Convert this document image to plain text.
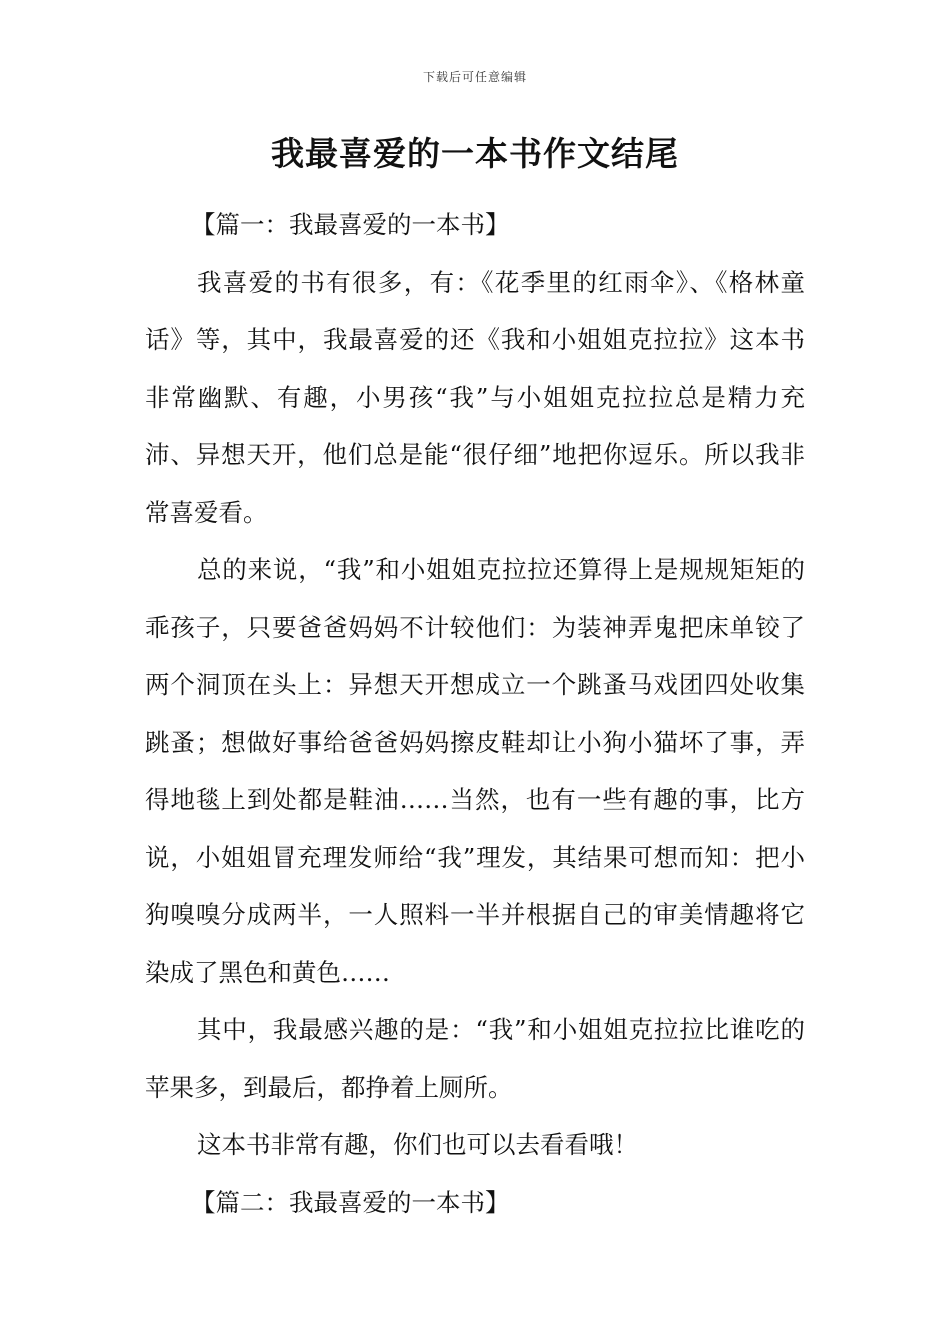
下载后可任意编辑
我最喜爱的一本书作文结尾
【篇一：我最喜爱的一本书】

我喜爱的书有很多，有：《花季里的红雨伞》、《格林童话》等，其中，我最喜爱的还《我和小姐姐克拉拉》这本书非常幽默、有趣，小男孩“我”与小姐姐克拉拉总是精力充沛、异想天开，他们总是能“很仔细”地把你逗乐。所以我非常喜爱看。

总的来说，“我”和小姐姐克拉拉还算得上是规规矩矩的乖孩子，只要爸爸妈妈不计较他们：为装神弄鬼把床单铰了两个洞顶在头上：异想天开想成立一个跳蚤马戏团四处收集跳蚤；想做好事给爸爸妈妈擦皮鞋却让小狗小猫坏了事，弄得地毯上到处都是鞋油……当然，也有一些有趣的事，比方说，小姐姐冒充理发师给“我”理发，其结果可想而知：把小狗嗅嗅分成两半，一人照料一半并根据自己的审美情趣将它染成了黑色和黄色……

其中，我最感兴趣的是：“我”和小姐姐克拉拉比谁吃的苹果多，到最后，都挣着上厕所。

这本书非常有趣，你们也可以去看看哦！

【篇二：我最喜爱的一本书】
